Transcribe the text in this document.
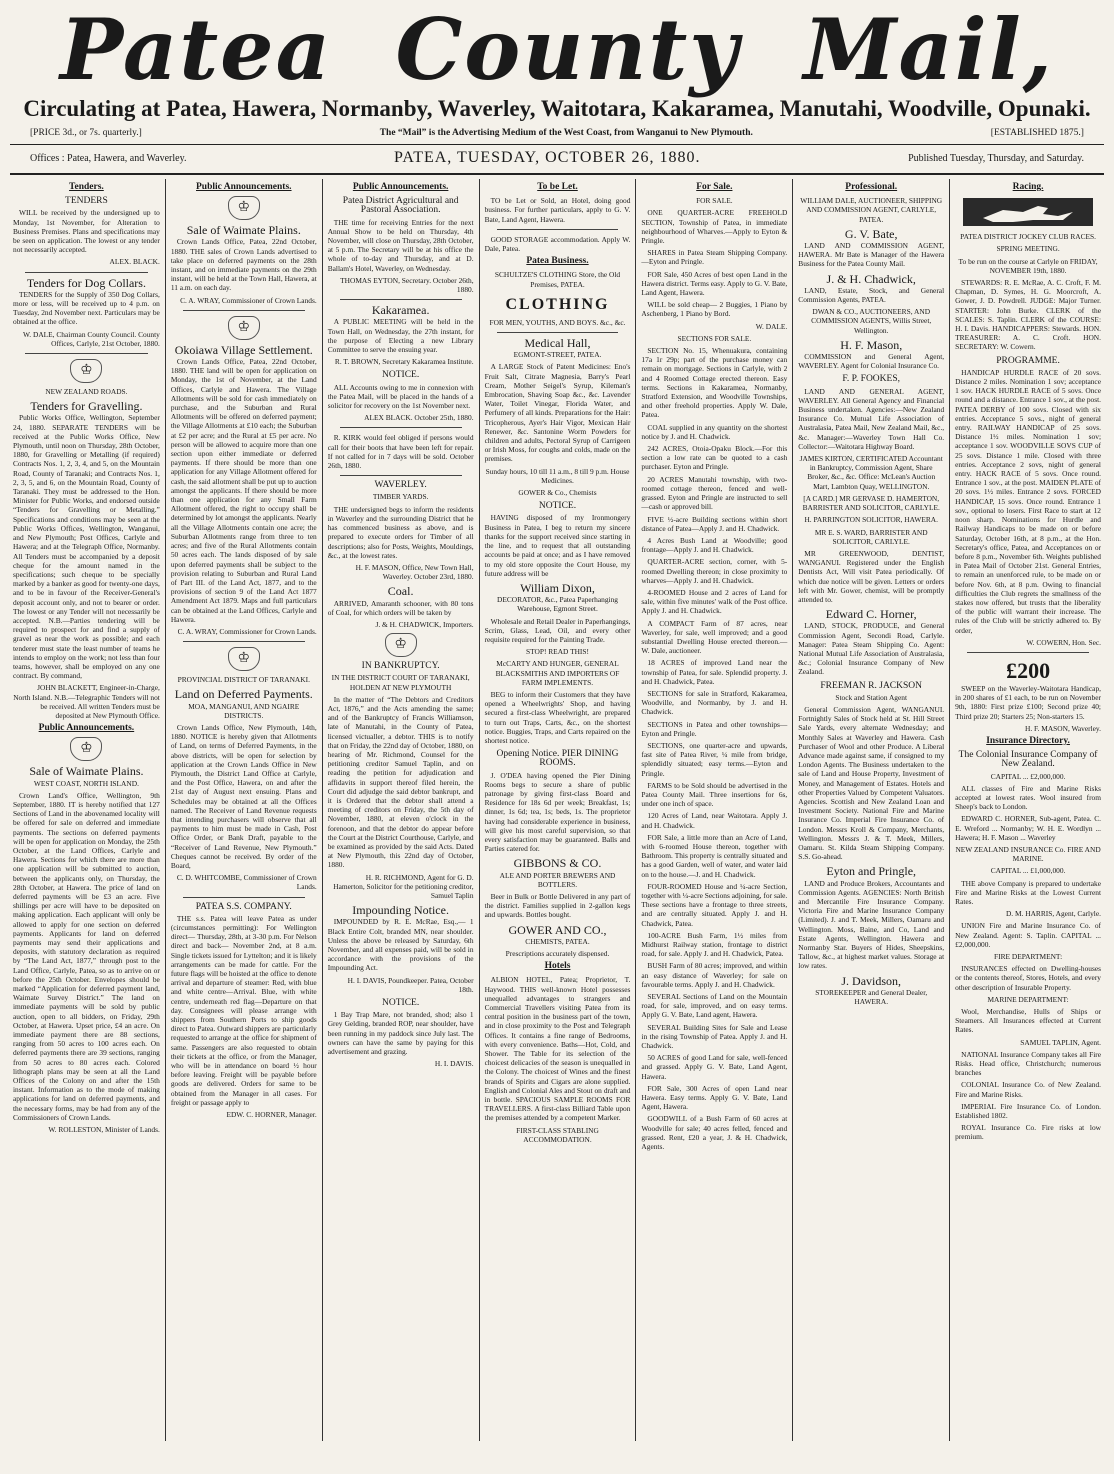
Patea County Mail,
Circulating at Patea, Hawera, Normanby, Waverley, Waitotara, Kakaramea, Manutahi, Woodville, Opunaki.
[PRICE 3d., or 7s. quarterly.]	The “Mail” is the Advertising Medium of the West Coast, from Wanganui to New Plymouth.	[ESTABLISHED 1875.]
Offices : Patea, Hawera, and Waverley.	PATEA, TUESDAY, OCTOBER 26, 1880.	Published Tuesday, Thursday, and Saturday.
Tenders.
TENDERS

WILL be received by the undersigned up to Monday, 1st November, for Alteration to Business Premises. Plans and specifications may be seen on application. The lowest or any tender not necessarily accepted.

ALEX. BLACK.

Tenders for Dog Collars.

TENDERS for the Supply of 350 Dog Collars, more or less, will be received up to 4 p.m. on Tuesday, 2nd November next. Particulars may be obtained at the office.

W. DALE, Chairman County Council. County Offices, Carlyle, 21st October, 1880.

♔

NEW ZEALAND ROADS.

Tenders for Gravelling.

Public Works Office, Wellington, September 24, 1880. SEPARATE TENDERS will be received at the Public Works Office, New Plymouth, until noon on Thursday, 28th October, 1880, for Gravelling or Metalling (if required) Contracts Nos. 1, 2, 3, 4, and 5, on the Mountain Road, County of Taranaki; and Contracts Nos. 1, 2, 3, 5, and 6, on the Mountain Road, County of Taranaki. They must be addressed to the Hon. Minister for Public Works, and endorsed outside “Tenders for Gravelling or Metalling.” Specifications and conditions may be seen at the Public Works Offices, Wellington, Wanganui, and New Plymouth; Post Offices, Carlyle and Hawera; and at the Telegraph Office, Normanby. All Tenders must be accompanied by a deposit cheque for the amount named in the specifications; such cheque to be specially marked by a banker as good for twenty-one days, and to be in favour of the Receiver-General's deposit account only, and not to bearer or order. The lowest or any Tender will not necessarily be accepted. N.B.—Parties tendering will be required to prospect for and find a supply of gravel as near the work as possible; and each tenderer must state the least number of teams he intends to employ on the work; not less than four teams, however, shall be employed on any one contract. By command,

JOHN BLACKETT, Engineer-in-Charge, North Island. N.B.—Telegraphic Tenders will not be received. All written Tenders must be deposited at New Plymouth Office.

Public Announcements.
♔
Sale of Waimate Plains.

WEST COAST, NORTH ISLAND.

Crown Land's Office, Wellington, 9th September, 1880. IT is hereby notified that 127 Sections of Land in the abovenamed locality will be offered for sale on deferred and immediate payments. The sections on deferred payments will be open for application on Monday, the 25th October, at the Land Offices, Carlyle and Hawera. Sections for which there are more than one application will be submitted to auction, between the applicants only, on Thursday, the 28th October, at Hawera. The price of land on deferred payments will be £3 an acre. Five shillings per acre will have to be deposited on making application. Each applicant will only be allowed to apply for one section on deferred payments. Applicants for land on deferred payments may send their applications and deposits, with statutory declaration as required by “The Land Act, 1877,” through post to the Land Office, Carlyle, Patea, so as to arrive on or before the 25th October. Envelopes should be marked “Application for deferred payment land, Waimate Survey District.” The land on immediate payments will be sold by public auction, open to all bidders, on Friday, 29th October, at Hawera. Upset price, £4 an acre. On immediate payment there are 88 sections, ranging from 50 acres to 100 acres each. On deferred payments there are 39 sections, ranging from 50 acres to 80 acres each. Colored lithograph plans may be seen at all the Land Offices of the Colony on and after the 15th instant. Information as to the mode of making applications for land on deferred payments, and the necessary forms, may be had from any of the Commissioners of Crown Lands.

W. ROLLESTON, Minister of Lands.

Public Announcements.
♔
Sale of Waimate Plains.

Crown Lands Office, Patea, 22nd October, 1880. THE sales of Crown Lands advertised to take place on deferred payments on the 28th instant, and on immediate payments on the 29th instant, will be held at the Town Hall, Hawera, at 11 a.m. on each day.

C. A. WRAY, Commissioner of Crown Lands.

♔
Okoiawa Village Settlement.

Crown Lands Office, Patea, 22nd October, 1880. THE land will be open for application on Monday, the 1st of November, at the Land Offices, Carlyle and Hawera. The Village Allotments will be sold for cash immediately on purchase, and the Suburban and Rural Allotments will be offered on deferred payment; the Village Allotments at £10 each; the Suburban at £2 per acre; and the Rural at £5 per acre. No person will be allowed to acquire more than one section upon either immediate or deferred payments. If there should be more than one application for any Village Allotment offered for cash, the said allotment shall be put up to auction amongst the applicants. If there should be more than one application for any Small Farm Allotment offered, the right to occupy shall be determined by lot amongst the applicants. Nearly all the Village Allotments contain one acre; the Suburban Allotments range from three to ten acres; and five of the Rural Allotments contain 50 acres each. The lands disposed of by sale upon deferred payments shall be subject to the provision relating to Suburban and Rural Land of Part III. of the Land Act, 1877, and to the provisions of section 9 of the Land Act 1877 Amendment Act 1879. Maps and full particulars can be obtained at the Land Offices, Carlyle and Hawera.

C. A. WRAY, Commissioner for Crown Lands.

♔

PROVINCIAL DISTRICT OF TARANAKI.

Land on Deferred Payments.

MOA, MANGANUI, AND NGAIRE DISTRICTS.

Crown Lands Office, New Plymouth, 14th, 1880. NOTICE is hereby given that Allotments of Land, on terms of Deferred Payments, in the above districts, will be open for selection by application at the Crown Lands Office in New Plymouth, the District Land Office at Carlyle, and the Post Office, Hawera, on and after the 21st day of August next ensuing. Plans and Schedules may be obtained at all the Offices named. The Receiver of Land Revenue requests that intending purchasers will observe that all payments to him must be made in Cash, Post Office Order, or Bank Draft, payable to the “Receiver of Land Revenue, New Plymouth.” Cheques cannot be received. By order of the Board,

C. D. WHITCOMBE, Commissioner of Crown Lands.

PATEA S.S. COMPANY.

THE s.s. Patea will leave Patea as under (circumstances permitting): For Wellington direct— Thursday, 28th, at 3-30 p.m. For Nelson direct and back— November 2nd, at 8 a.m. Single tickets issued for Lyttelton; and it is likely arrangements can be made for cattle. For the future flags will be hoisted at the office to denote arrival and departure of steamer: Red, with blue and white centre—Arrival. Blue, with white centre, underneath red flag—Departure on that day. Consignees will please arrange with shippers from Southern Ports to ship goods direct to Patea. Outward shippers are particularly requested to arrange at the office for shipment of same. Passengers are also requested to obtain their tickets at the office, or from the Manager, who will be in attendance on board ½ hour before leaving. Freight will be payable before goods are delivered. Orders for same to be obtained from the Manager in all cases. For freight or passage apply to

EDW. C. HORNER, Manager.

Public Announcements.
Patea District Agricultural and Pastoral Association.

THE time for receiving Entries for the next Annual Show to be held on Thursday, 4th November, will close on Thursday, 28th October, at 5 p.m. The Secretary will be at his office the whole of to-day and Thursday, and at D. Ballam's Hotel, Waverley, on Wednesday.

THOMAS EYTON, Secretary. October 26th, 1880.

Kakaramea.

A PUBLIC MEETING will be held in the Town Hall, on Wednesday, the 27th instant, for the purpose of Electing a new Library Committee to serve the ensuing year.

R. T. BROWN, Secretary Kakaramea Institute.

NOTICE.

ALL Accounts owing to me in connexion with the Patea Mail, will be placed in the hands of a solicitor for recovery on the 1st November next.

ALEX BLACK. October 25th, 1880.

R. KIRK would feel obliged if persons would call for their boots that have been left for repair. If not called for in 7 days will be sold. October 26th, 1880.

WAVERLEY.

TIMBER YARDS.

THE undersigned begs to inform the residents in Waverley and the surrounding District that he has commenced business as above, and is prepared to execute orders for Timber of all descriptions; also for Posts, Weights, Mouldings, &c., at the lowest rates.

H. F. MASON, Office, New Town Hall, Waverley. October 23rd, 1880.

Coal.

ARRIVED, Amaranth schooner, with 80 tons of Coal, for which orders will be taken by

J. & H. CHADWICK, Importers.

♔
IN BANKRUPTCY.

IN THE DISTRICT COURT OF TARANAKI, HOLDEN AT NEW PLYMOUTH

In the matter of “The Debtors and Creditors Act, 1876,” and the Acts amending the same; and of the Bankruptcy of Francis Williamson, late of Manutahi, in the County of Patea, licensed victualler, a debtor. THIS is to notify that on Friday, the 22nd day of October, 1880, on hearing of Mr. Richmond, Counsel for the petitioning creditor Samuel Taplin, and on reading the petition for adjudication and affidavits in support thereof filed herein, the Court did adjudge the said debtor bankrupt, and it is Ordered that the debtor shall attend a meeting of creditors on Friday, the 5th day of November, 1880, at eleven o'clock in the forenoon, and that the debtor do appear before the Court at the District Courthouse, Carlyle, and be examined as provided by the said Acts. Dated at New Plymouth, this 22nd day of October, 1880.

H. R. RICHMOND, Agent for G. D. Hamerton, Solicitor for the petitioning creditor, Samuel Taplin

Impounding Notice.

IMPOUNDED by R. E. McRae, Esq.,— 1 Black Entire Colt, branded MN, near shoulder. Unless the above be released by Saturday, 6th November, and all expenses paid, will be sold in accordance with the provisions of the Impounding Act.

H. I. DAVIS, Poundkeeper. Patea, October 18th.

NOTICE.

1 Bay Trap Mare, not branded, shod; also 1 Grey Gelding, branded ROP, near shoulder, have been running in my paddock since July last. The owners can have the same by paying for this advertisement and grazing.

H. I. DAVIS.

To be Let.

TO be Let or Sold, an Hotel, doing good business. For further particulars, apply to G. V. Bate, Land Agent, Hawera.

GOOD STORAGE accommodation. Apply W. Dale, Patea.

Patea Business.

SCHULTZE'S CLOTHING Store, the Old Premises, PATEA.

CLOTHING

FOR MEN, YOUTHS, AND BOYS. &c., &c.

Medical Hall,

EGMONT-STREET, PATEA.

A LARGE Stock of Patent Medicines: Eno's Fruit Salt, Citrate Magnesia, Barry's Pearl Cream, Mother Seigel's Syrup, Kileman's Embrocation, Shaving Soap &c., &c. Lavender Water, Toilet Vinegar, Florida Water, and Perfumery of all kinds. Preparations for the Hair: Tricopherous, Ayer's Hair Vigor, Mexican Hair Renewer, &c. Santonine Worm Powders for children and adults, Pectoral Syrup of Carrigeen or Irish Moss, for coughs and colds, made on the premises.

Sunday hours, 10 till 11 a.m., 8 till 9 p.m. House Medicines.

GOWER & Co., Chemists

NOTICE.

HAVING disposed of my Ironmongery Business in Patea, I beg to return my sincere thanks for the support received since starting in the line, and to request that all outstanding accounts be paid at once; and as I have removed to my old store opposite the Court House, my future address will be

William Dixon,

DECORATOR, &c., Patea Paperhanging Warehouse, Egmont Street.

Wholesale and Retail Dealer in Paperhangings, Scrim, Glass, Lead, Oil, and every other requisite required for the Painting Trade.

STOP! READ THIS!

McCARTY AND HUNGER, GENERAL BLACKSMITHS AND IMPORTERS OF FARM IMPLEMENTS.

BEG to inform their Customers that they have opened a Wheelwrights' Shop, and having secured a first-class Wheelwright, are prepared to turn out Traps, Carts, &c., on the shortest notice. Buggies, Traps, and Carts repaired on the shortest notice.

Opening Notice. PIER DINING ROOMS.

J. O'DEA having opened the Pier Dining Rooms begs to secure a share of public patronage by giving first-class Board and Residence for 18s 6d per week; Breakfast, 1s; dinner, 1s 6d; tea, 1s; beds, 1s. The proprietor having had considerable experience in business, will give his most careful supervision, so that every satisfaction may be guaranteed. Balls and Parties catered for.

GIBBONS & CO.

ALE AND PORTER BREWERS AND BOTTLERS.

Beer in Bulk or Bottle Delivered in any part of the district. Families supplied in 2-gallon kegs and upwards. Bottles bought.

GOWER AND CO.,

CHEMISTS, PATEA.

Prescriptions accurately dispensed.

Hotels

ALBION HOTEL, Patea; Proprietor, T. Haywood. THIS well-known Hotel possesses unequalled advantages to strangers and Commercial Travellers visiting Patea from its central position in the business part of the town, and in close proximity to the Post and Telegraph Offices. It contains a fine range of Bedrooms, with every convenience. Baths—Hot, Cold, and Shower. The Table for its selection of the choicest delicacies of the season is unequalled in the Colony. The choicest of Wines and the finest brands of Spirits and Cigars are alone supplied. English and Colonial Ales and Stout on draft and in bottle. SPACIOUS SAMPLE ROOMS FOR TRAVELLERS. A first-class Billiard Table upon the premises attended by a competent Marker.

FIRST-CLASS STABLING ACCOMMODATION.

For Sale.

FOR SALE.

ONE QUARTER-ACRE FREEHOLD SECTION, Township of Patea, in immediate neighbourhood of Wharves.—Apply to Eyton & Pringle.

SHARES in Patea Steam Shipping Company.—Eyton and Pringle.

FOR Sale, 450 Acres of best open Land in the Hawera district. Terms easy. Apply to G. V. Bate, Land Agent, Hawera.

WILL be sold cheap— 2 Buggies, 1 Piano by Aschenberg, 1 Piano by Bord.

W. DALE.

SECTIONS FOR SALE.

SECTION No. 15, Whenuakura, containing 17a 1r 29p; part of the purchase money can remain on mortgage. Sections in Carlyle, with 2 and 4 Roomed Cottage erected thereon. Easy terms. Sections in Kakaramea, Normanby, Stratford Extension, and Woodville Townships, and other freehold properties. Apply W. Dale, Patea.

COAL supplied in any quantity on the shortest notice by J. and H. Chadwick.

242 ACRES, Otoia-Opaku Block.—For this section a low rate can be quoted to a cash purchaser. Eyton and Pringle.

20 ACRES Manutahi township, with two-roomed cottage thereon, fenced and well-grassed. Eyton and Pringle are instructed to sell—cash or approved bill.

FIVE ½-acre Building sections within short distance of Patea—Apply J. and H. Chadwick.

4 Acres Bush Land at Woodville; good frontage—Apply J. and H. Chadwick.

QUARTER-ACRE section, corner, with 5-roomed Dwelling thereon; in close proximity to wharves—Apply J. and H. Chadwick.

4-ROOMED House and 2 acres of Land for sale, within five minutes' walk of the Post office. Apply J. and H. Chadwick.

A COMPACT Farm of 87 acres, near Waverley, for sale, well improved; and a good substantial Dwelling House erected thereon.—W. Dale, auctioneer.

18 ACRES of improved Land near the township of Patea, for sale. Splendid property. J. and H. Chadwick, Patea.

SECTIONS for sale in Stratford, Kakaramea, Woodville, and Normanby, by J. and H. Chadwick.

SECTIONS in Patea and other townships—Eyton and Pringle.

SECTIONS, one quarter-acre and upwards, fast site of Patea River, ¼ mile from bridge, splendidly situated; easy terms.—Eyton and Pringle.

FARMS to be Sold should be advertised in the Patea County Mail. Three insertions for 6s, under one inch of space.

120 Acres of Land, near Waitotara. Apply J. and H. Chadwick.

FOR Sale, a little more than an Acre of Land, with 6-roomed House thereon, together with Bathroom. This property is centrally situated and has a good Garden, well of water, and water laid on to the house.—J. and H. Chadwick.

FOUR-ROOMED House and ¼-acre Section, together with ¼-acre Sections adjoining, for sale. These sections have a frontage to three streets, and are centrally situated. Apply J. and H. Chadwick, Patea.

100-ACRE Bush Farm, 1½ miles from Midhurst Railway station, frontage to district road, for sale. Apply J. and H. Chadwick, Patea.

BUSH Farm of 80 acres; improved, and within an easy distance of Waverley; for sale on favourable terms. Apply J. and H. Chadwick.

SEVERAL Sections of Land on the Mountain road, for sale, improved, and on easy terms. Apply G. V. Bate, Land agent, Hawera.

SEVERAL Building Sites for Sale and Lease in the rising Township of Patea. Apply J. and H. Chadwick.

50 ACRES of good Land for sale, well-fenced and grassed. Apply G. V. Bate, Land Agent, Hawera.

FOR Sale, 300 Acres of open Land near Hawera. Easy terms. Apply G. V. Bate, Land Agent, Hawera.

GOODWILL of a Bush Farm of 60 acres at Woodville for sale; 40 acres felled, fenced and grassed. Rent, £20 a year, J. & H. Chadwick, Agents.

Professional.

WILLIAM DALE, AUCTIONEER, SHIPPING AND COMMISSION AGENT, CARLYLE, PATEA.

G. V. Bate,

LAND AND COMMISSION AGENT, HAWERA. Mr Bate is Manager of the Hawera Business for the Patea County Mail.

J. & H. Chadwick,

LAND, Estate, Stock, and General Commission Agents, PATEA.

DWAN & CO., AUCTIONEERS, AND COMMISSION AGENTS, Willis Street, Wellington.

H. F. Mason,

COMMISSION and General Agent, WAVERLEY. Agent for Colonial Insurance Co.

F. P. FOOKES,

LAND AND GENERAL AGENT, WAVERLEY. All General Agency and Financial Business undertaken. Agencies:—New Zealand Insurance Co. Mutual Life Association of Australasia, Patea Mail, New Zealand Mail, &c., &c. Manager:—Waverley Town Hall Co. Collector:—Waitotara Highway Board.

JAMES KIRTON, CERTIFICATED Accountant in Bankruptcy, Commission Agent, Share Broker, &c., &c. Office: McLean's Auction Mart, Lambton Quay, WELLINGTON.

[A CARD.] MR GERVASE D. HAMERTON, BARRISTER AND SOLICITOR, CARLYLE.

H. PARRINGTON SOLICITOR, HAWERA.

MR E. S. WARD, BARRISTER AND SOLICITOR, CARLYLE.

MR GREENWOOD, DENTIST, WANGANUI. Registered under the English Dentists Act, Will visit Patea periodically. Of which due notice will be given. Letters or orders left with Mr. Gower, chemist, will be promptly attended to.

Edward C. Horner,

LAND, STOCK, PRODUCE, and General Commission Agent, Secondi Road, Carlyle. Manager: Patea Steam Shipping Co. Agent: National Mutual Life Association of Australasia, &c.; Colonial Insurance Company of New Zealand.

FREEMAN R. JACKSON

Stock and Station Agent

General Commission Agent, WANGANUI. Fortnightly Sales of Stock held at St. Hill Street Sale Yards, every alternate Wednesday; and Monthly Sales at Waverley and Hawera. Cash Purchaser of Wool and other Produce. A Liberal Advance made against same, if consigned to my London Agents. The Business undertaken to the sale of Land and House Property, Investment of Money, and Management of Estates. Hotels and other Properties Valued by Competent Valuators. Agencies. Scottish and New Zealand Loan and Investment Society. National Fire and Marine Insurance Co. Imperial Fire Insurance Co. of London. Messrs Kroll & Company, Merchants, Wellington. Messrs J. & T. Meek, Millers, Oamaru. St. Kilda Steam Shipping Company. S.S. Go-ahead.

Eyton and Pringle,

LAND and Produce Brokers, Accountants and Commission Agents. AGENCIES: North British and Mercantile Fire Insurance Company. Victoria Fire and Marine Insurance Company (Limited). J. and T. Meek, Millers, Oamaru and Wellington. Moss, Baine, and Co, Land and Estate Agents, Wellington. Hawera and Normanby Star. Buyers of Hides, Sheepskins, Tallow, &c., at highest market values. Storage at low rates.

J. Davidson,

STOREKEEPER and General Dealer, HAWERA.

Racing.

PATEA DISTRICT JOCKEY CLUB RACES.

SPRING MEETING.

To be run on the course at Carlyle on FRIDAY, NOVEMBER 19th, 1880.

STEWARDS: R. E. McRae, A. C. Croft, F. M. Chapman, D. Symes, H. G. Moorcroft, A. Gower, J. D. Powdrell. JUDGE: Major Turner. STARTER: John Burke. CLERK of the SCALES: S. Taplin. CLERK of the COURSE: H. I. Davis. HANDICAPPERS: Stewards. HON. TREASURER: A. C. Croft. HON. SECRETARY: W. Cowern.

PROGRAMME.

HANDICAP HURDLE RACE of 20 sovs. Distance 2 miles. Nomination 1 sov; acceptance 1 sov. HACK HURDLE RACE of 5 sovs. Once round and a distance. Entrance 1 sov., at the post. PATEA DERBY of 100 sovs. Closed with six entries. Acceptance 5 sovs., night of general entry. RAILWAY HANDICAP of 25 sovs. Distance 1½ miles. Nomination 1 sov; acceptance 1 sov. WOODVILLE SOVS CUP of 25 sovs. Distance 1 mile. Closed with three entries. Acceptance 2 sovs, night of general entry. HACK RACE of 5 sovs. Once round. Entrance 1 sov., at the post. MAIDEN PLATE of 20 sovs. 1½ miles. Entrance 2 sovs. FORCED HANDICAP, 15 sovs. Once round. Entrance 1 sov., optional to losers. First Race to start at 12 noon sharp. Nominations for Hurdle and Railway Handicaps to be made on or before Saturday, October 16th, at 8 p.m., at the Hon. Secretary's office, Patea, and Acceptances on or before 8 p.m., November 6th. Weights published in Patea Mail of October 21st. General Entries, to remain an unenforced rule, to be made on or before Nov. 6th, at 8 p.m. Owing to financial difficulties the Club regrets the smallness of the stakes now offered, but trusts that the liberality of the public will warrant their increase. The rules of the Club will be strictly adhered to. By order,

W. COWERN, Hon. Sec.

£200

SWEEP on the Waverley-Waitotara Handicap, in 200 shares of £1 each, to be run on November 9th, 1880: First prize £100; Second prize 40; Third prize 20; Starters 25; Non-starters 15.

H. F. MASON, Waverley.

Insurance Directory.
The Colonial Insurance Company of New Zealand.

CAPITAL ... £2,000,000.

ALL classes of Fire and Marine Risks accepted at lowest rates. Wool insured from Sheep's back to London.

EDWARD C. HORNER, Sub-agent, Patea. C. E. Wreford ... Normanby; W. H. E. Wordlyn ... Hawera; H. F. Mason ... Waverley

NEW ZEALAND INSURANCE Co. FIRE AND MARINE.

CAPITAL ... £1,000,000.

THE above Company is prepared to undertake Fire and Marine Risks at the Lowest Current Rates.

D. M. HARRIS, Agent, Carlyle.

UNION Fire and Marine Insurance Co. of New Zealand. Agent: S. Taplin. CAPITAL ... £2,000,000.

FIRE DEPARTMENT:

INSURANCES effected on Dwelling-houses or the contents thereof, Stores, Hotels, and every other description of Insurable Property.

MARINE DEPARTMENT:

Wool, Merchandise, Hulls of Ships or Steamers. All Insurances effected at Current Rates.

SAMUEL TAPLIN, Agent.

NATIONAL Insurance Company takes all Fire Risks. Head office, Christchurch; numerous branches

COLONIAL Insurance Co. of New Zealand. Fire and Marine Risks.

IMPERIAL Fire Insurance Co. of London. Established 1802.

ROYAL Insurance Co. Fire risks at low premium.
